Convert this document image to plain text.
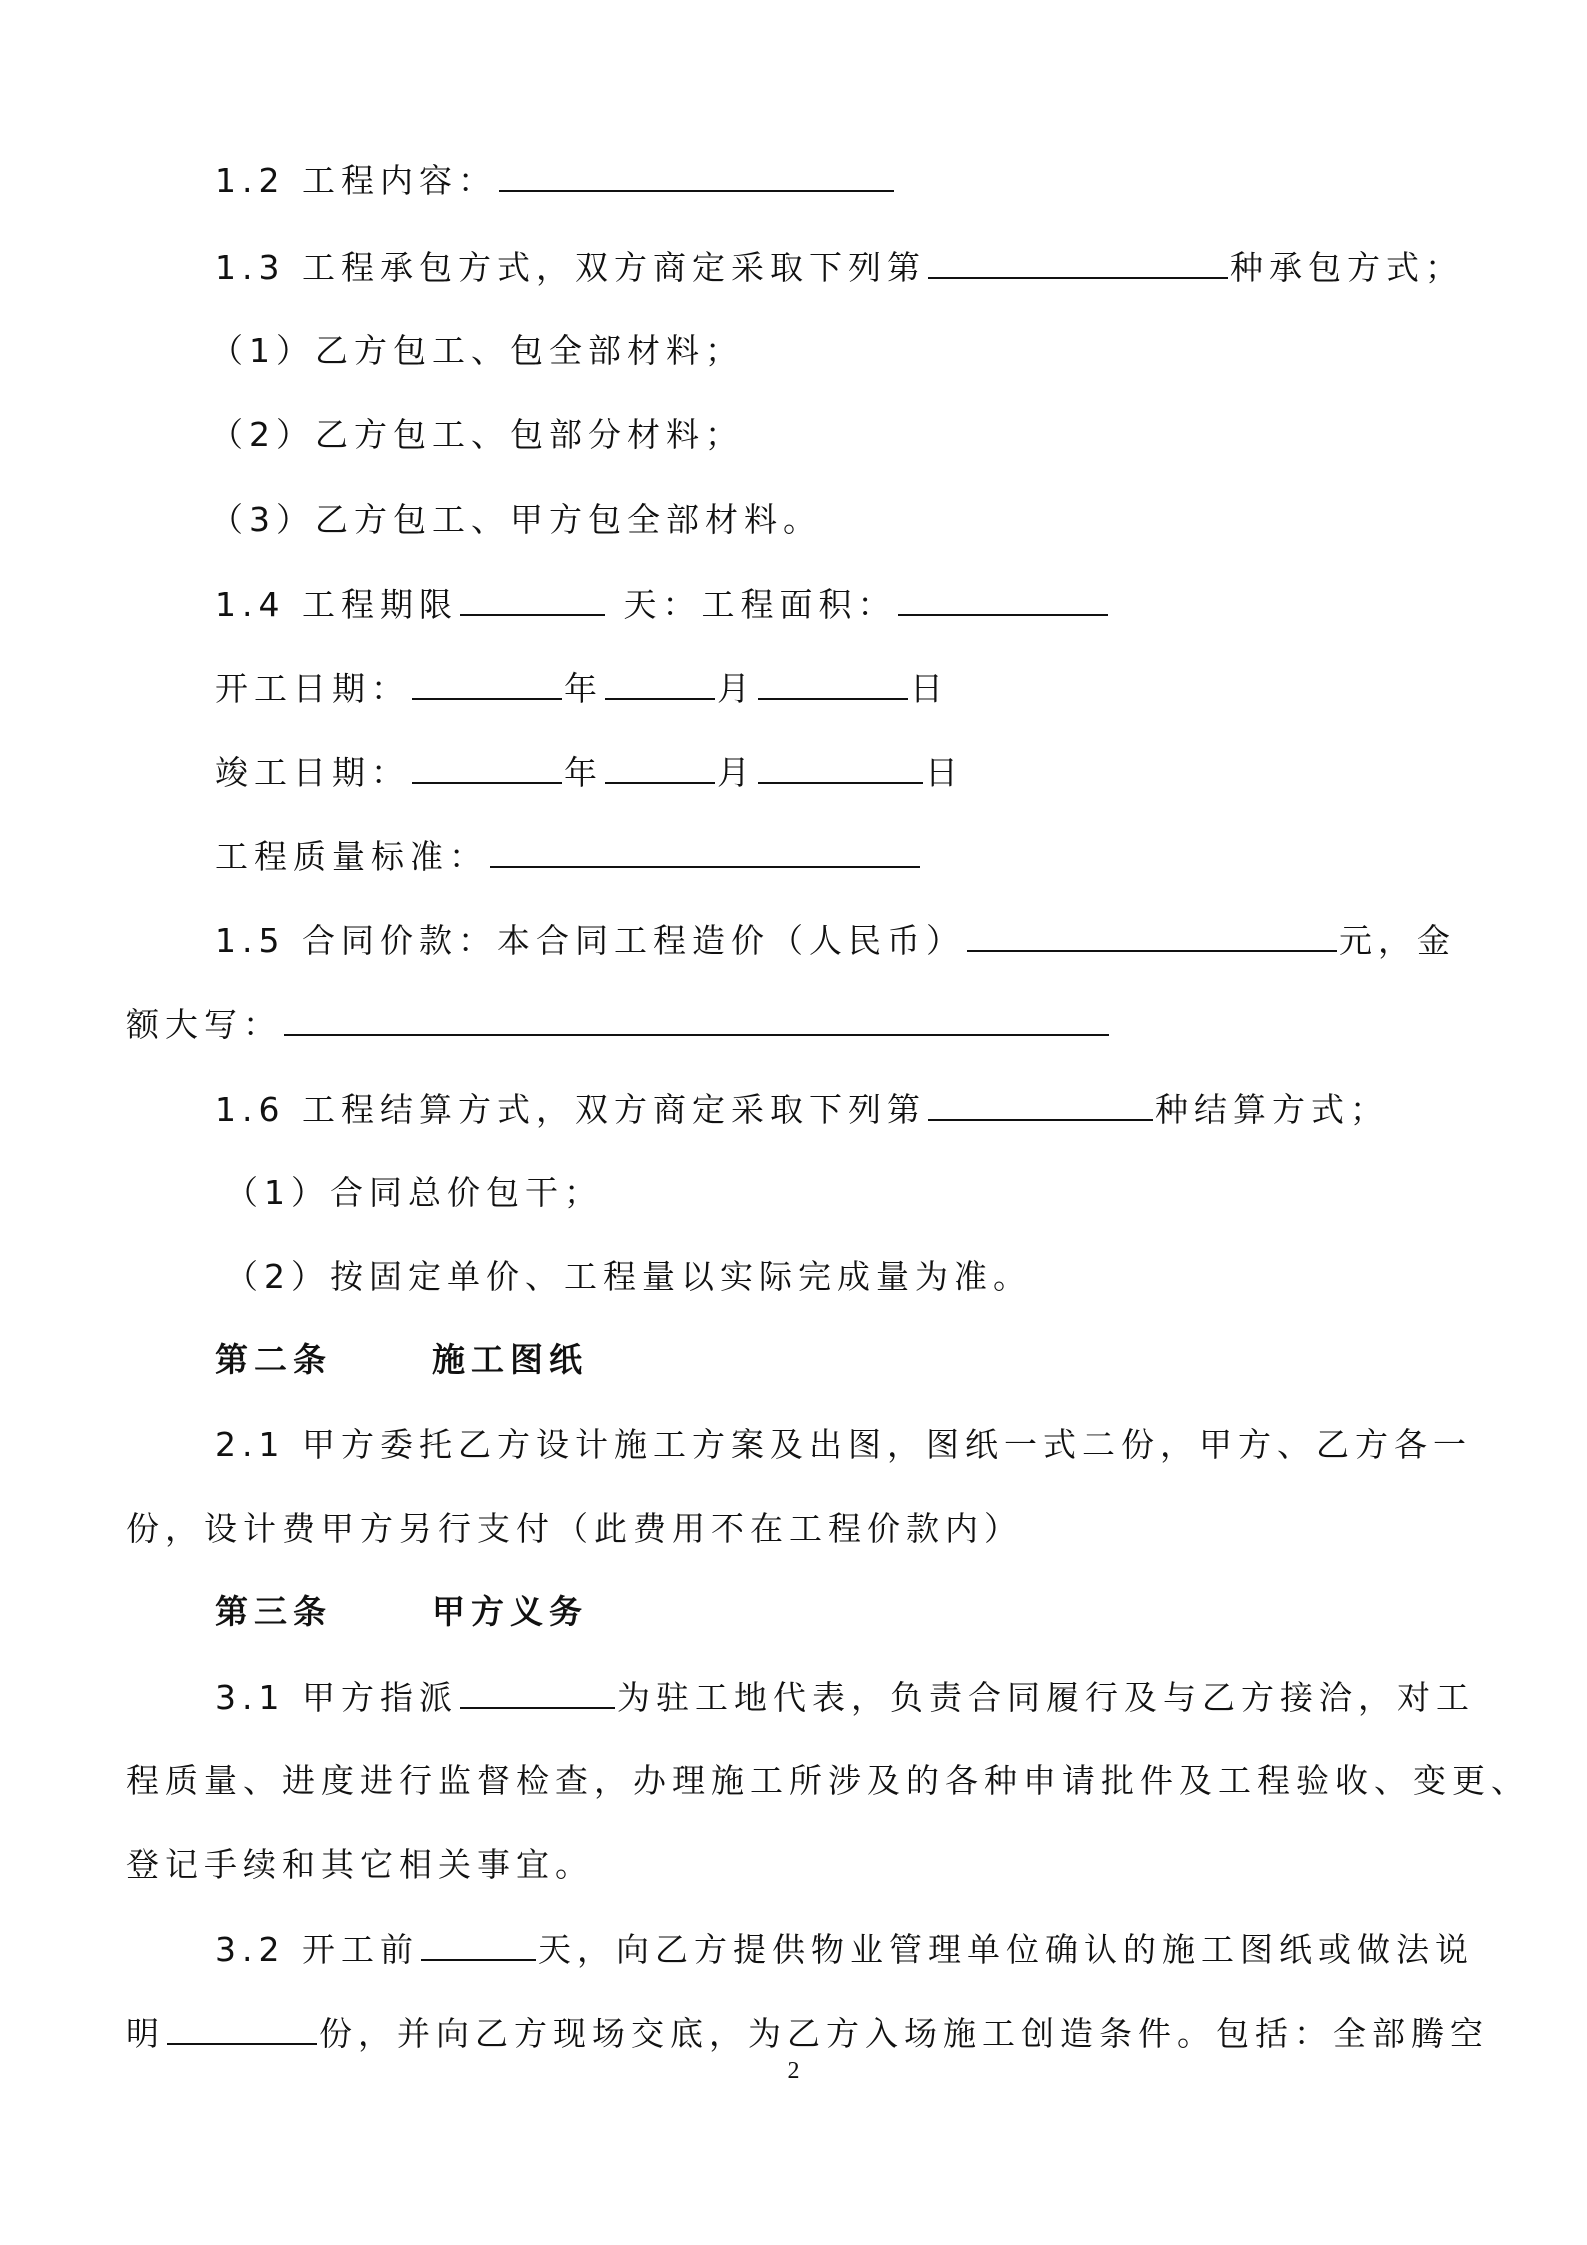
1.2 工程内容：
1.3 工程承包方式，双方商定采取下列第	种承包方式；
（1）乙方包工、包全部材料；
（2）乙方包工、包部分材料；
（3）乙方包工、甲方包全部材料。
1.4 工程期限	天：工程面积：
开工日期：	年	月	日
竣工日期：	年	月	日
工程质量标准：
1.5 合同价款：本合同工程造价（人民币）	元，金
额大写：
1.6 工程结算方式，双方商定采取下列第	种结算方式；
（1）合同总价包干；
（2）按固定单价、工程量以实际完成量为准。
第二条	施工图纸
2.1 甲方委托乙方设计施工方案及出图，图纸一式二份，甲方、乙方各一
份，设计费甲方另行支付（此费用不在工程价款内）
第三条	甲方义务
3.1 甲方指派	为驻工地代表，负责合同履行及与乙方接洽，对工
程质量、进度进行监督检查，办理施工所涉及的各种申请批件及工程验收、变更、
登记手续和其它相关事宜。
3.2 开工前	天，向乙方提供物业管理单位确认的施工图纸或做法说
明	份，并向乙方现场交底，为乙方入场施工创造条件。包括：全部腾空
2
